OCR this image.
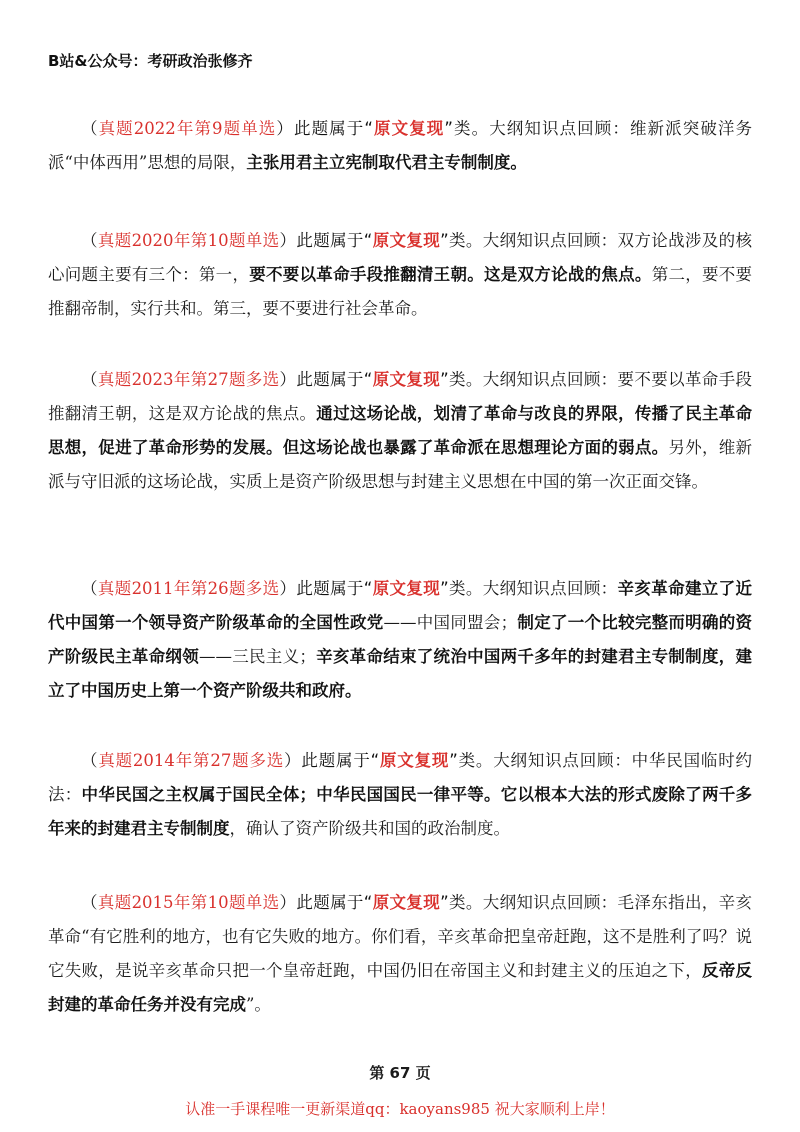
B站&公众号：考研政治张修齐
（真题2022年第9题单选）此题属于“原文复现”类。大纲知识点回顾：维新派突破洋务派“中体西用”思想的局限，主张用君主立宪制取代君主专制制度。
（真题2020年第10题单选）此题属于“原文复现”类。大纲知识点回顾：双方论战涉及的核心问题主要有三个：第一，要不要以革命手段推翻清王朝。这是双方论战的焦点。第二，要不要推翻帝制，实行共和。第三，要不要进行社会革命。
（真题2023年第27题多选）此题属于“原文复现”类。大纲知识点回顾：要不要以革命手段推翻清王朝，这是双方论战的焦点。通过这场论战，划清了革命与改良的界限，传播了民主革命思想，促进了革命形势的发展。但这场论战也暴露了革命派在思想理论方面的弱点。另外，维新派与守旧派的这场论战，实质上是资产阶级思想与封建主义思想在中国的第一次正面交锋。
（真题2011年第26题多选）此题属于“原文复现”类。大纲知识点回顾：辛亥革命建立了近代中国第一个领导资产阶级革命的全国性政党——中国同盟会；制定了一个比较完整而明确的资产阶级民主革命纲领——三民主义；辛亥革命结束了统治中国两千多年的封建君主专制制度，建立了中国历史上第一个资产阶级共和政府。
（真题2014年第27题多选）此题属于“原文复现”类。大纲知识点回顾：中华民国临时约法：中华民国之主权属于国民全体；中华民国国民一律平等。它以根本大法的形式废除了两千多年来的封建君主专制制度，确认了资产阶级共和国的政治制度。
（真题2015年第10题单选）此题属于“原文复现”类。大纲知识点回顾：毛泽东指出，辛亥革命“有它胜利的地方，也有它失败的地方。你们看，辛亥革命把皇帝赶跑，这不是胜利了吗？说它失败，是说辛亥革命只把一个皇帝赶跑，中国仍旧在帝国主义和封建主义的压迫之下，反帝反封建的革命任务并没有完成”。
第 67 页
认准一手课程唯一更新渠道qq：kaoyans985 祝大家顺利上岸！
